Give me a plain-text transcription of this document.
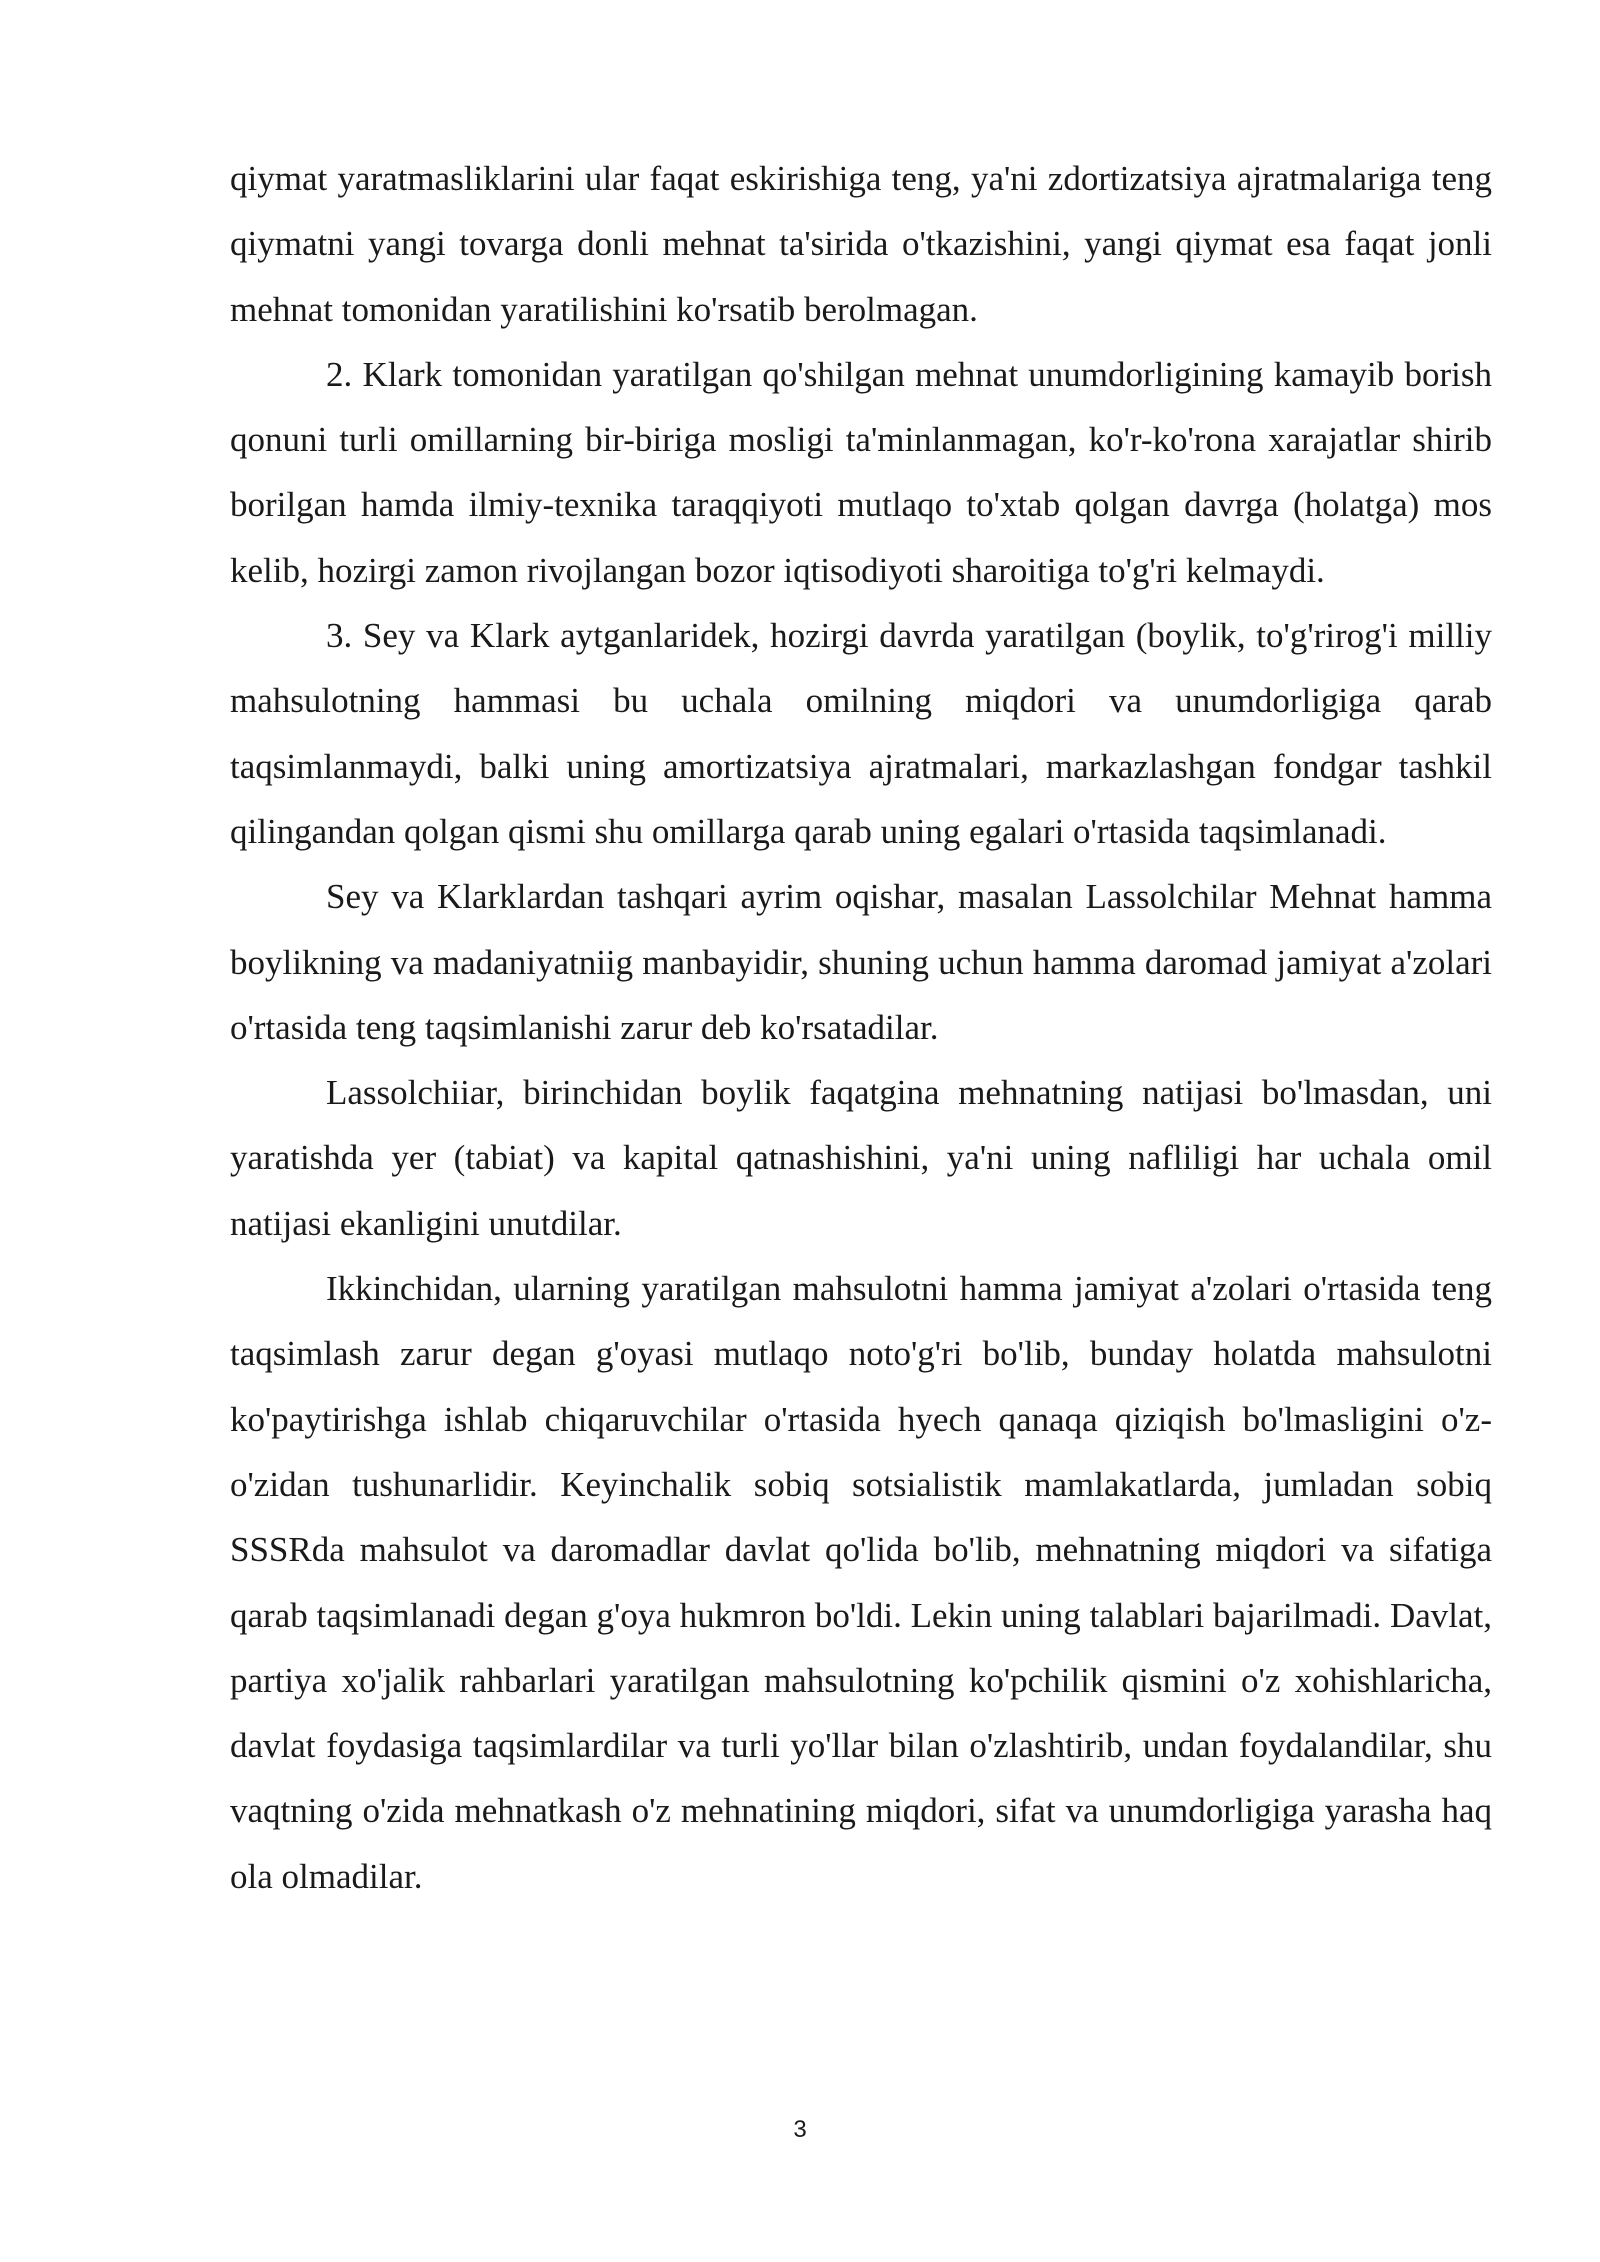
qiymat yaratmasliklarini ular faqat eskirishiga teng, ya'ni zdortizatsiya ajratmalariga teng qiymatni yangi tovarga donli mehnat ta'sirida o'tkazishini, yangi qiymat esa faqat jonli mehnat tomonidan yaratilishini ko'rsatib berolmagan.

2. Klark tomonidan yaratilgan qo'shilgan mehnat unumdorligining kamayib borish qonuni turli omillarning bir-biriga mosligi ta'minlanmagan, ko'r-ko'rona xarajatlar shirib borilgan hamda ilmiy-texnika taraqqiyoti mutlaqo to'xtab qolgan davrga (holatga) mos kelib, hozirgi zamon rivojlangan bozor iqtisodiyoti sharoitiga to'g'ri kelmaydi.

3. Sey va Klark aytganlaridek, hozirgi davrda yaratilgan (boylik, to'g'rirog'i milliy mahsulotning hammasi bu uchala omilning miqdori va unumdorligiga qarab taqsimlanmaydi, balki uning amortizatsiya ajratmalari, markazlashgan fondgar tashkil qilingandan qolgan qismi shu omillarga qarab uning egalari o'rtasida taqsimlanadi.

Sey va Klarklardan tashqari ayrim oqishar, masalan Lassolchilar Mehnat hamma boylikning va madaniyatniig manbayidir, shuning uchun hamma daromad jamiyat a'zolari o'rtasida teng taqsimlanishi zarur deb ko'rsatadilar.

Lassolchiiar, birinchidan boylik faqatgina mehnatning natijasi bo'lmasdan, uni yaratishda yer (tabiat) va kapital qatnashishini, ya'ni uning nafliligi har uchala omil natijasi ekanligini unutdilar.

Ikkinchidan, ularning yaratilgan mahsulotni hamma jamiyat a'zolari o'rtasida teng taqsimlash zarur degan g'oyasi mutlaqo noto'g'ri bo'lib, bunday holatda mahsulotni ko'paytirishga ishlab chiqaruvchilar o'rtasida hyech qanaqa qiziqish bo'lmasligini o'z-o'zidan tushunarlidir. Keyinchalik sobiq sotsialistik mamlakatlarda, jumladan sobiq SSSRda mahsulot va daromadlar davlat qo'lida bo'lib, mehnatning miqdori va sifatiga qarab taqsimlanadi degan g'oya hukmron bo'ldi. Lekin uning talablari bajarilmadi. Davlat, partiya xo'jalik rahbarlari yaratilgan mahsulotning ko'pchilik qismini o'z xohishlaricha, davlat foydasiga taqsimlardilar va turli yo'llar bilan o'zlashtirib, undan foydalandilar, shu vaqtning o'zida mehnatkash o'z mehnatining miqdori, sifat va unumdorligiga yarasha haq ola olmadilar.

3
